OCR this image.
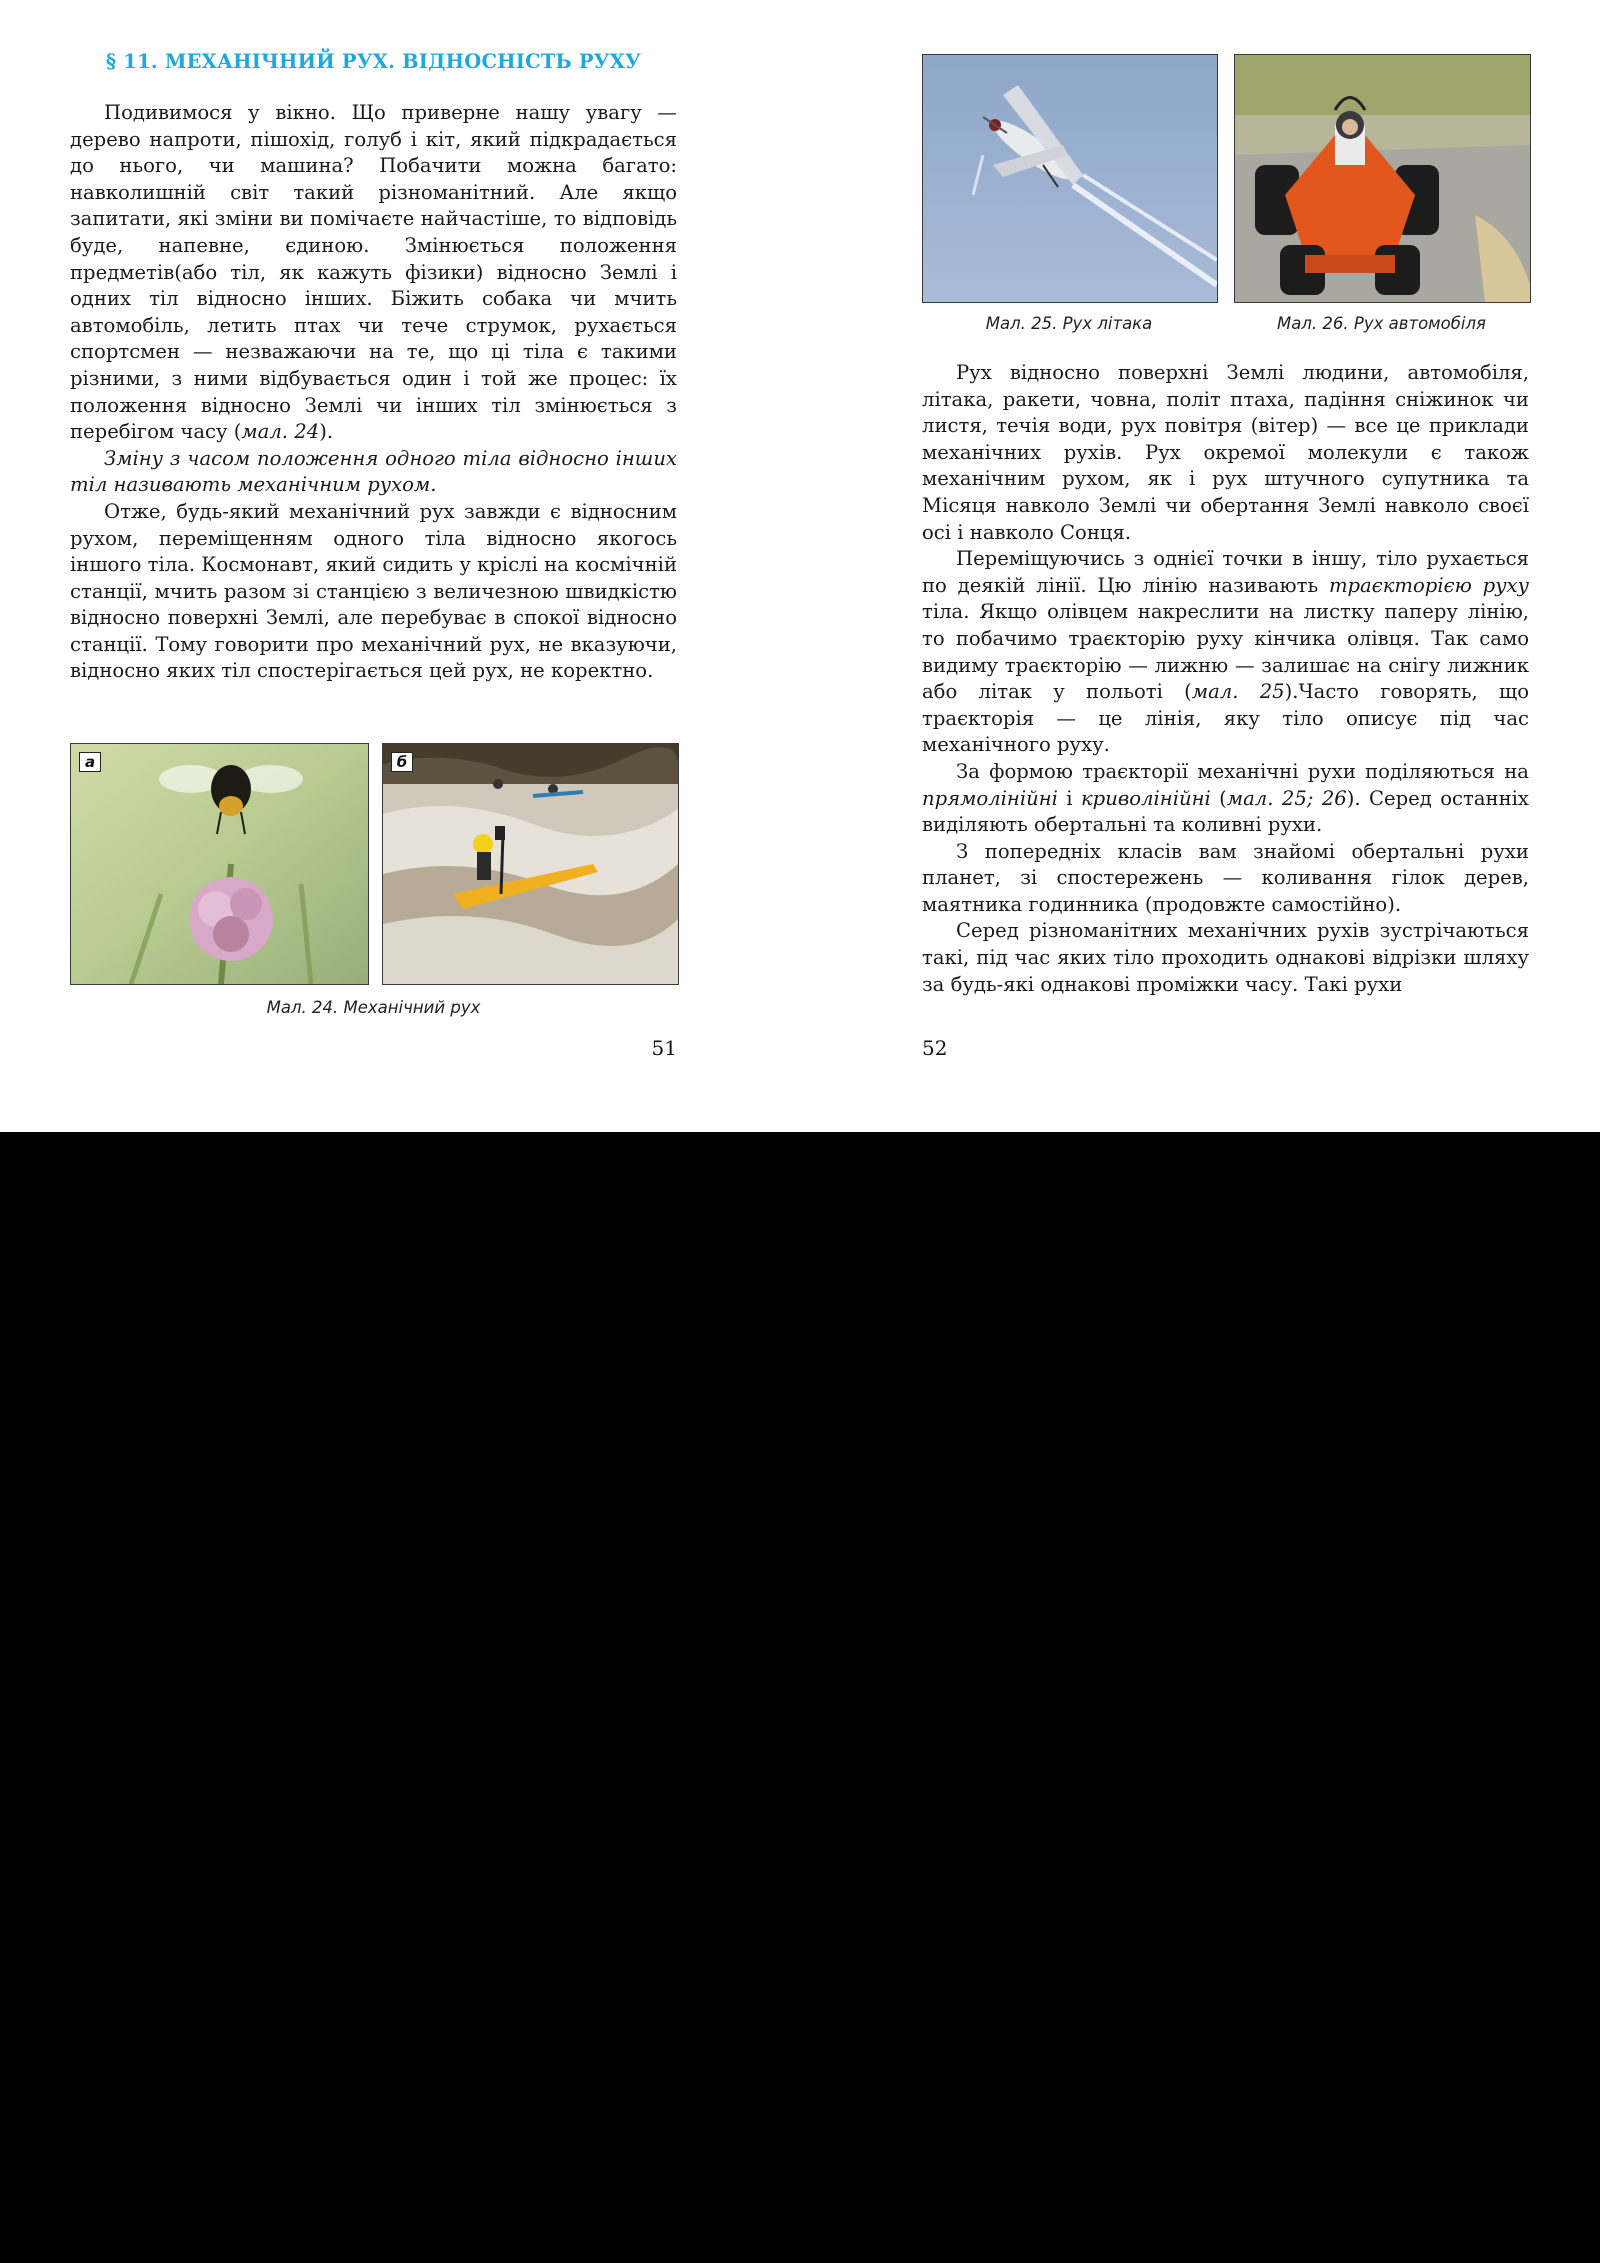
§ 11. МЕХАНІЧНИЙ РУХ. ВІДНОСНІСТЬ РУХУ

Подивимося у вікно. Що приверне нашу увагу — дерево напроти, пішохід, голуб і кіт, який підкрадається до нього, чи машина? Побачити можна багато: навколишній світ такий різноманітний. Але якщо запитати, які зміни ви помічаєте найчастіше, то відповідь буде, напевне, єдиною. Змінюється положення предметів(або тіл, як кажуть фізики) відносно Землі і одних тіл відносно інших. Біжить собака чи мчить автомобіль, летить птах чи тече струмок, рухається спортсмен — незважаючи на те, що ці тіла є такими різними, з ними відбувається один і той же процес: їх положення відносно Землі чи інших тіл змінюється з перебігом часу (мал. 24).

Зміну з часом положення одного тіла відносно інших тіл називають механічним рухом.

Отже, будь-який механічний рух завжди є відносним рухом, переміщенням одного тіла відносно якогось іншого тіла. Космонавт, який сидить у кріслі на космічній станції, мчить разом зі станцією з величезною швидкістю відносно поверхні Землі, але перебуває в спокої відносно станції. Тому говорити про механічний рух, не вказуючи, відносно яких тіл спостерігається цей рух, не коректно.

а	б
Мал. 24. Механічний рух
51
Мал. 25. Рух літака	Мал. 26. Рух автомобіля

Рух відносно поверхні Землі людини, автомобіля, літака, ракети, човна, політ птаха, падіння сніжинок чи листя, течія води, рух повітря (вітер) — все це приклади механічних рухів. Рух окремої молекули є також механічним рухом, як і рух штучного супутника та Місяця навколо Землі чи обертання Землі навколо своєї осі і навколо Сонця.

Переміщуючись з однієї точки в іншу, тіло рухається по деякій лінії. Цю лінію називають траєкторією руху тіла. Якщо олівцем накреслити на листку паперу лінію, то побачимо траєкторію руху кінчика олівця. Так само видиму траєкторію — лижню — залишає на снігу лижник або літак у польоті (мал. 25).Часто говорять, що траєкторія — це лінія, яку тіло описує під час механічного руху.

За формою траєкторії механічні рухи поділяються на прямолінійні і криволінійні (мал. 25; 26). Серед останніх виділяють обертальні та коливні рухи.

З попередніх класів вам знайомі обертальні рухи планет, зі спостережень — коливання гілок дерев, маятника годинника (продовжте самостійно).

Серед різноманітних механічних рухів зустрічаються такі, під час яких тіло проходить однакові відрізки шляху за будь-які однакові проміжки часу. Такі рухи

52
